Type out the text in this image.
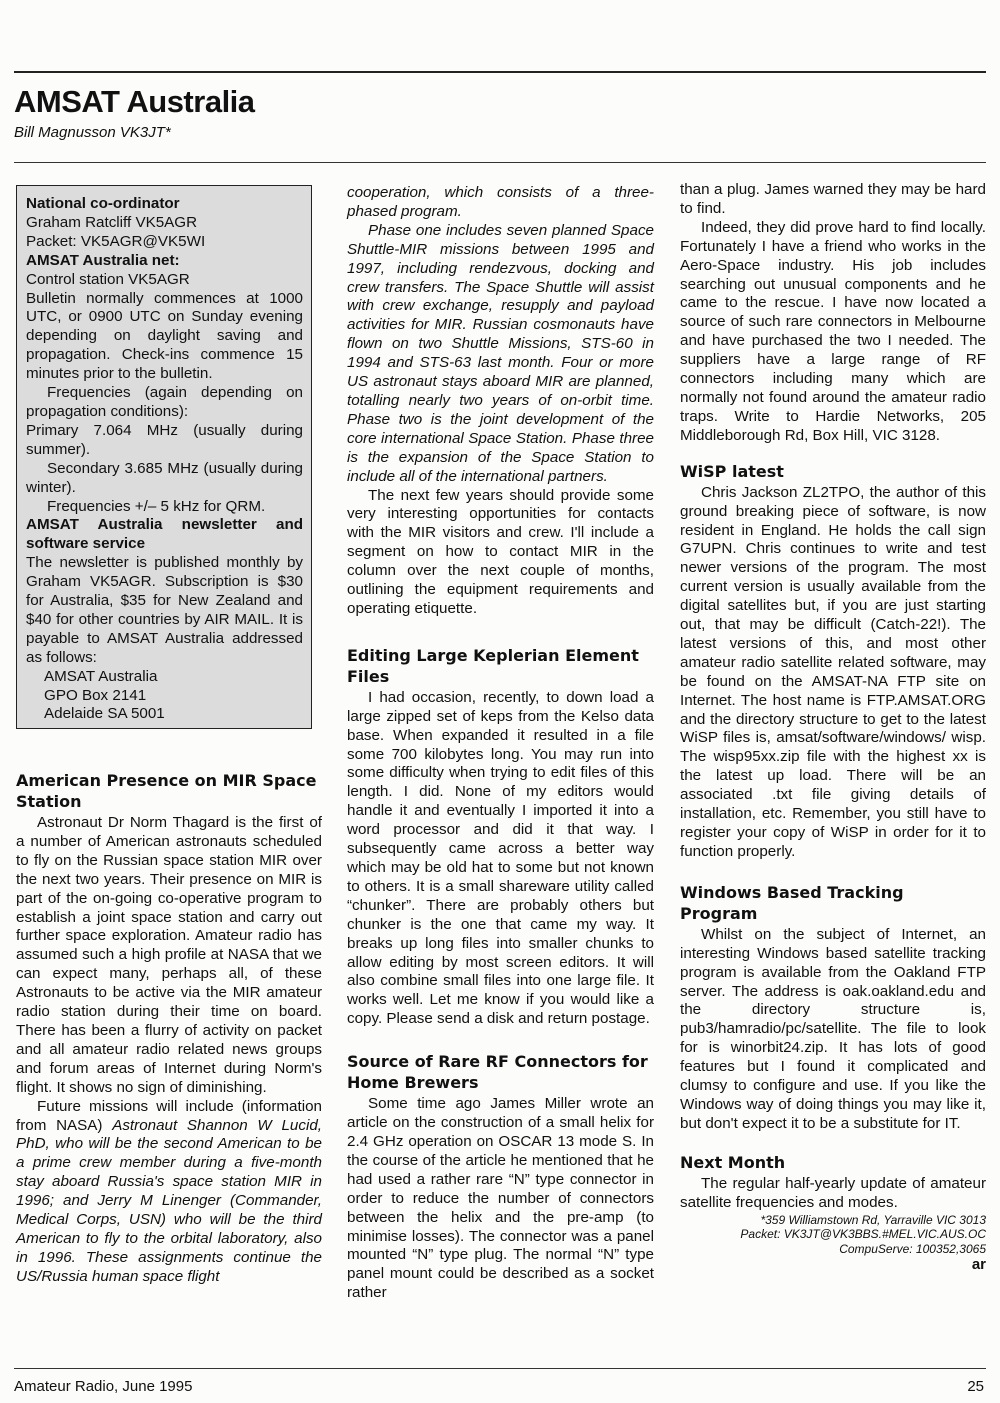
AMSAT Australia

Bill Magnusson VK3JT*

National co-ordinator

Graham Ratcliff VK5AGR

Packet: VK5AGR@VK5WI

AMSAT Australia net:

Control station VK5AGR

Bulletin normally commences at 1000 UTC, or 0900 UTC on Sunday evening depending on daylight saving and propagation. Check-ins commence 15 minutes prior to the bulletin.

Frequencies (again depending on propagation conditions):

Primary 7.064 MHz (usually during summer).

Secondary 3.685 MHz (usually during winter).

Frequencies +/– 5 kHz for QRM.

AMSAT Australia newsletter and software service

The newsletter is published monthly by Graham VK5AGR. Subscription is $30 for Australia, $35 for New Zealand and $40 for other countries by AIR MAIL. It is payable to AMSAT Australia addressed as follows:

AMSAT Australia

GPO Box 2141

Adelaide SA 5001

American Presence on MIR Space Station

Astronaut Dr Norm Thagard is the first of a number of American astronauts scheduled to fly on the Russian space station MIR over the next two years. Their presence on MIR is part of the on-going co-operative program to establish a joint space station and carry out further space exploration. Amateur radio has assumed such a high profile at NASA that we can expect many, perhaps all, of these Astronauts to be active via the MIR amateur radio station during their time on board. There has been a flurry of activity on packet and all amateur radio related news groups and forum areas of Internet during Norm's flight. It shows no sign of diminishing.

Future missions will include (information from NASA) Astronaut Shannon W Lucid, PhD, who will be the second American to be a prime crew member during a five-month stay aboard Russia's space station MIR in 1996; and Jerry M Linenger (Commander, Medical Corps, USN) who will be the third American to fly to the orbital laboratory, also in 1996. These assignments continue the US/Russia human space flight

cooperation, which consists of a three-phased program.

Phase one includes seven planned Space Shuttle-MIR missions between 1995 and 1997, including rendezvous, docking and crew transfers. The Space Shuttle will assist with crew exchange, resupply and payload activities for MIR. Russian cosmonauts have flown on two Shuttle Missions, STS-60 in 1994 and STS-63 last month. Four or more US astronaut stays aboard MIR are planned, totalling nearly two years of on-orbit time. Phase two is the joint development of the core international Space Station. Phase three is the expansion of the Space Station to include all of the international partners.

The next few years should provide some very interesting opportunities for contacts with the MIR visitors and crew. I'll include a segment on how to contact MIR in the column over the next couple of months, outlining the equipment requirements and operating etiquette.

Editing Large Keplerian Element Files

I had occasion, recently, to down load a large zipped set of keps from the Kelso data base. When expanded it resulted in a file some 700 kilobytes long. You may run into some difficulty when trying to edit files of this length. I did. None of my editors would handle it and eventually I imported it into a word processor and did it that way. I subsequently came across a better way which may be old hat to some but not known to others. It is a small shareware utility called “chunker”. There are probably others but chunker is the one that came my way. It breaks up long files into smaller chunks to allow editing by most screen editors. It will also combine small files into one large file. It works well. Let me know if you would like a copy. Please send a disk and return postage.

Source of Rare RF Connectors for Home Brewers

Some time ago James Miller wrote an article on the construction of a small helix for 2.4 GHz operation on OSCAR 13 mode S. In the course of the article he mentioned that he had used a rather rare “N” type connector in order to reduce the number of connectors between the helix and the pre-amp (to minimise losses). The connector was a panel mounted “N” type plug. The normal “N” type panel mount could be described as a socket rather

than a plug. James warned they may be hard to find.

Indeed, they did prove hard to find locally. Fortunately I have a friend who works in the Aero-Space industry. His job includes searching out unusual components and he came to the rescue. I have now located a source of such rare connectors in Melbourne and have purchased the two I needed. The suppliers have a large range of RF connectors including many which are normally not found around the amateur radio traps. Write to Hardie Networks, 205 Middleborough Rd, Box Hill, VIC 3128.

WiSP latest

Chris Jackson ZL2TPO, the author of this ground breaking piece of software, is now resident in England. He holds the call sign G7UPN. Chris continues to write and test newer versions of the program. The most current version is usually available from the digital satellites but, if you are just starting out, that may be difficult (Catch-22!). The latest versions of this, and most other amateur radio satellite related software, may be found on the AMSAT-NA FTP site on Internet. The host name is FTP.AMSAT.ORG and the directory structure to get to the latest WiSP files is, amsat/software/windows/ wisp. The wisp95xx.zip file with the highest xx is the latest up load. There will be an associated .txt file giving details of installation, etc. Remember, you still have to register your copy of WiSP in order for it to function properly.

Windows Based Tracking Program

Whilst on the subject of Internet, an interesting Windows based satellite tracking program is available from the Oakland FTP server. The address is oak.oakland.edu and the directory structure is, pub3/hamradio/pc/satellite. The file to look for is winorbit24.zip. It has lots of good features but I found it complicated and clumsy to configure and use. If you like the Windows way of doing things you may like it, but don't expect it to be a substitute for IT.

Next Month

The regular half-yearly update of amateur satellite frequencies and modes.

*359 Williamstown Rd, Yarraville VIC 3013

Packet: VK3JT@VK3BBS.#MEL.VIC.AUS.OC

CompuServe: 100352,3065

ar

Amateur Radio, June 1995	25
